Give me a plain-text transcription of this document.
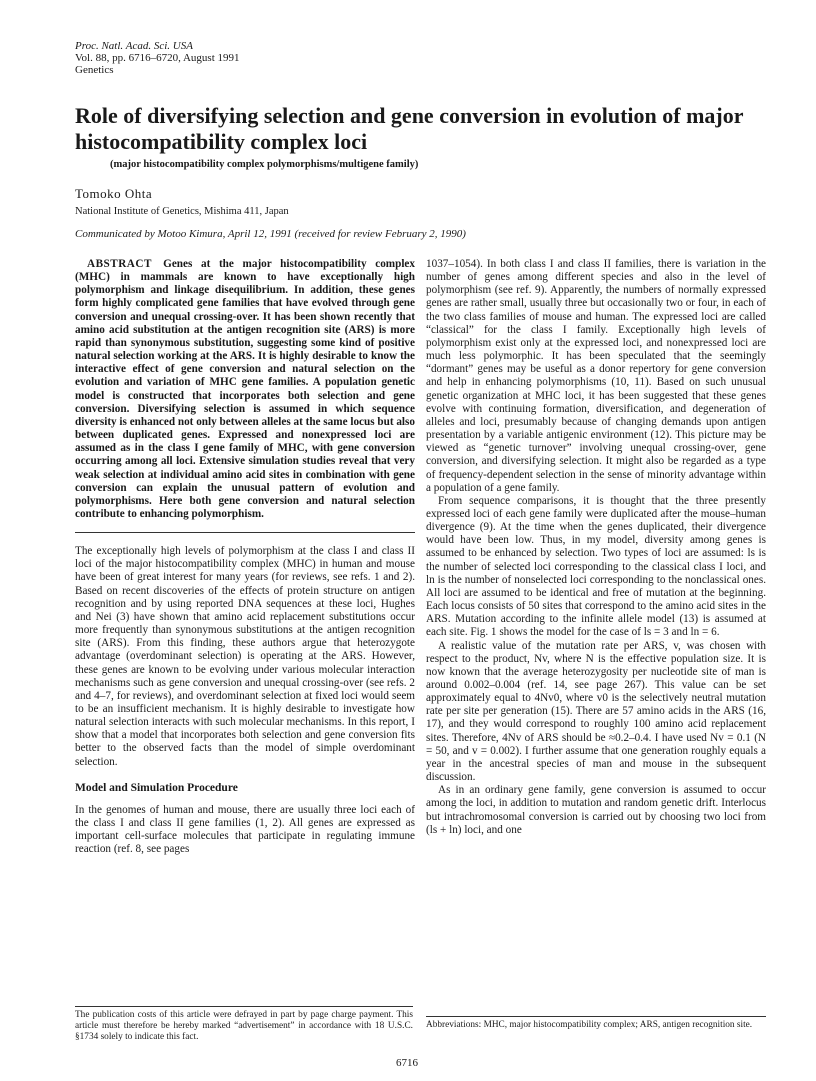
Proc. Natl. Acad. Sci. USA
Vol. 88, pp. 6716–6720, August 1991
Genetics
Role of diversifying selection and gene conversion in evolution of major histocompatibility complex loci
(major histocompatibility complex polymorphisms/multigene family)
Tomoko Ohta
National Institute of Genetics, Mishima 411, Japan
Communicated by Motoo Kimura, April 12, 1991 (received for review February 2, 1990)

ABSTRACT  Genes at the major histocompatibility complex (MHC) in mammals are known to have exceptionally high polymorphism and linkage disequilibrium. In addition, these genes form highly complicated gene families that have evolved through gene conversion and unequal crossing-over. It has been shown recently that amino acid substitution at the antigen recognition site (ARS) is more rapid than synonymous substitution, suggesting some kind of positive natural selection working at the ARS. It is highly desirable to know the interactive effect of gene conversion and natural selection on the evolution and variation of MHC gene families. A population genetic model is constructed that incorporates both selection and gene conversion. Diversifying selection is assumed in which sequence diversity is enhanced not only between alleles at the same locus but also between duplicated genes. Expressed and nonexpressed loci are assumed as in the class I gene family of MHC, with gene conversion occurring among all loci. Extensive simulation studies reveal that very weak selection at individual amino acid sites in combination with gene conversion can explain the unusual pattern of evolution and polymorphisms. Here both gene conversion and natural selection contribute to enhancing polymorphism.

The exceptionally high levels of polymorphism at the class I and class II loci of the major histocompatibility complex (MHC) in human and mouse have been of great interest for many years (for reviews, see refs. 1 and 2). Based on recent discoveries of the effects of protein structure on antigen recognition and by using reported DNA sequences at these loci, Hughes and Nei (3) have shown that amino acid replacement substitutions occur more frequently than synonymous substitutions at the antigen recognition site (ARS). From this finding, these authors argue that heterozygote advantage (overdominant selection) is operating at the ARS. However, these genes are known to be evolving under various molecular interaction mechanisms such as gene conversion and unequal crossing-over (see refs. 2 and 4–7, for reviews), and overdominant selection at fixed loci would seem to be an insufficient mechanism. It is highly desirable to investigate how natural selection interacts with such molecular mechanisms. In this report, I show that a model that incorporates both selection and gene conversion fits better to the observed facts than the model of simple overdominant selection.

Model and Simulation Procedure

In the genomes of human and mouse, there are usually three loci each of the class I and class II gene families (1, 2). All genes are expressed as important cell-surface molecules that participate in regulating immune reaction (ref. 8, see pages

1037–1054). In both class I and class II families, there is variation in the number of genes among different species and also in the level of polymorphism (see ref. 9). Apparently, the numbers of normally expressed genes are rather small, usually three but occasionally two or four, in each of the two class families of mouse and human. The expressed loci are called “classical” for the class I family. Exceptionally high levels of polymorphism exist only at the expressed loci, and nonexpressed loci are much less polymorphic. It has been speculated that the seemingly “dormant” genes may be useful as a donor repertory for gene conversion and help in enhancing polymorphisms (10, 11). Based on such unusual genetic organization at MHC loci, it has been suggested that these genes evolve with continuing formation, diversification, and degeneration of alleles and loci, presumably because of changing demands upon antigen presentation by a variable antigenic environment (12). This picture may be viewed as “genetic turnover” involving unequal crossing-over, gene conversion, and diversifying selection. It might also be regarded as a type of frequency-dependent selection in the sense of minority advantage within a population of a gene family.

From sequence comparisons, it is thought that the three presently expressed loci of each gene family were duplicated after the mouse–human divergence (9). At the time when the genes duplicated, their divergence would have been low. Thus, in my model, diversity among genes is assumed to be enhanced by selection. Two types of loci are assumed: ls is the number of selected loci corresponding to the classical class I loci, and ln is the number of nonselected loci corresponding to the nonclassical ones. All loci are assumed to be identical and free of mutation at the beginning. Each locus consists of 50 sites that correspond to the amino acid sites in the ARS. Mutation according to the infinite allele model (13) is assumed at each site. Fig. 1 shows the model for the case of ls = 3 and ln = 6.

A realistic value of the mutation rate per ARS, v, was chosen with respect to the product, Nv, where N is the effective population size. It is now known that the average heterozygosity per nucleotide site of man is around 0.002–0.004 (ref. 14, see page 267). This value can be set approximately equal to 4Nv0, where v0 is the selectively neutral mutation rate per site per generation (15). There are 57 amino acids in the ARS (16, 17), and they would correspond to roughly 100 amino acid replacement sites. Therefore, 4Nv of ARS should be ≈0.2–0.4. I have used Nv = 0.1 (N = 50, and v = 0.002). I further assume that one generation roughly equals a year in the ancestral species of man and mouse in the subsequent discussion.

As in an ordinary gene family, gene conversion is assumed to occur among the loci, in addition to mutation and random genetic drift. Interlocus but intrachromosomal conversion is carried out by choosing two loci from (ls + ln) loci, and one

The publication costs of this article were defrayed in part by page charge payment. This article must therefore be hereby marked “advertisement” in accordance with 18 U.S.C. §1734 solely to indicate this fact.
Abbreviations: MHC, major histocompatibility complex; ARS, antigen recognition site.
6716
